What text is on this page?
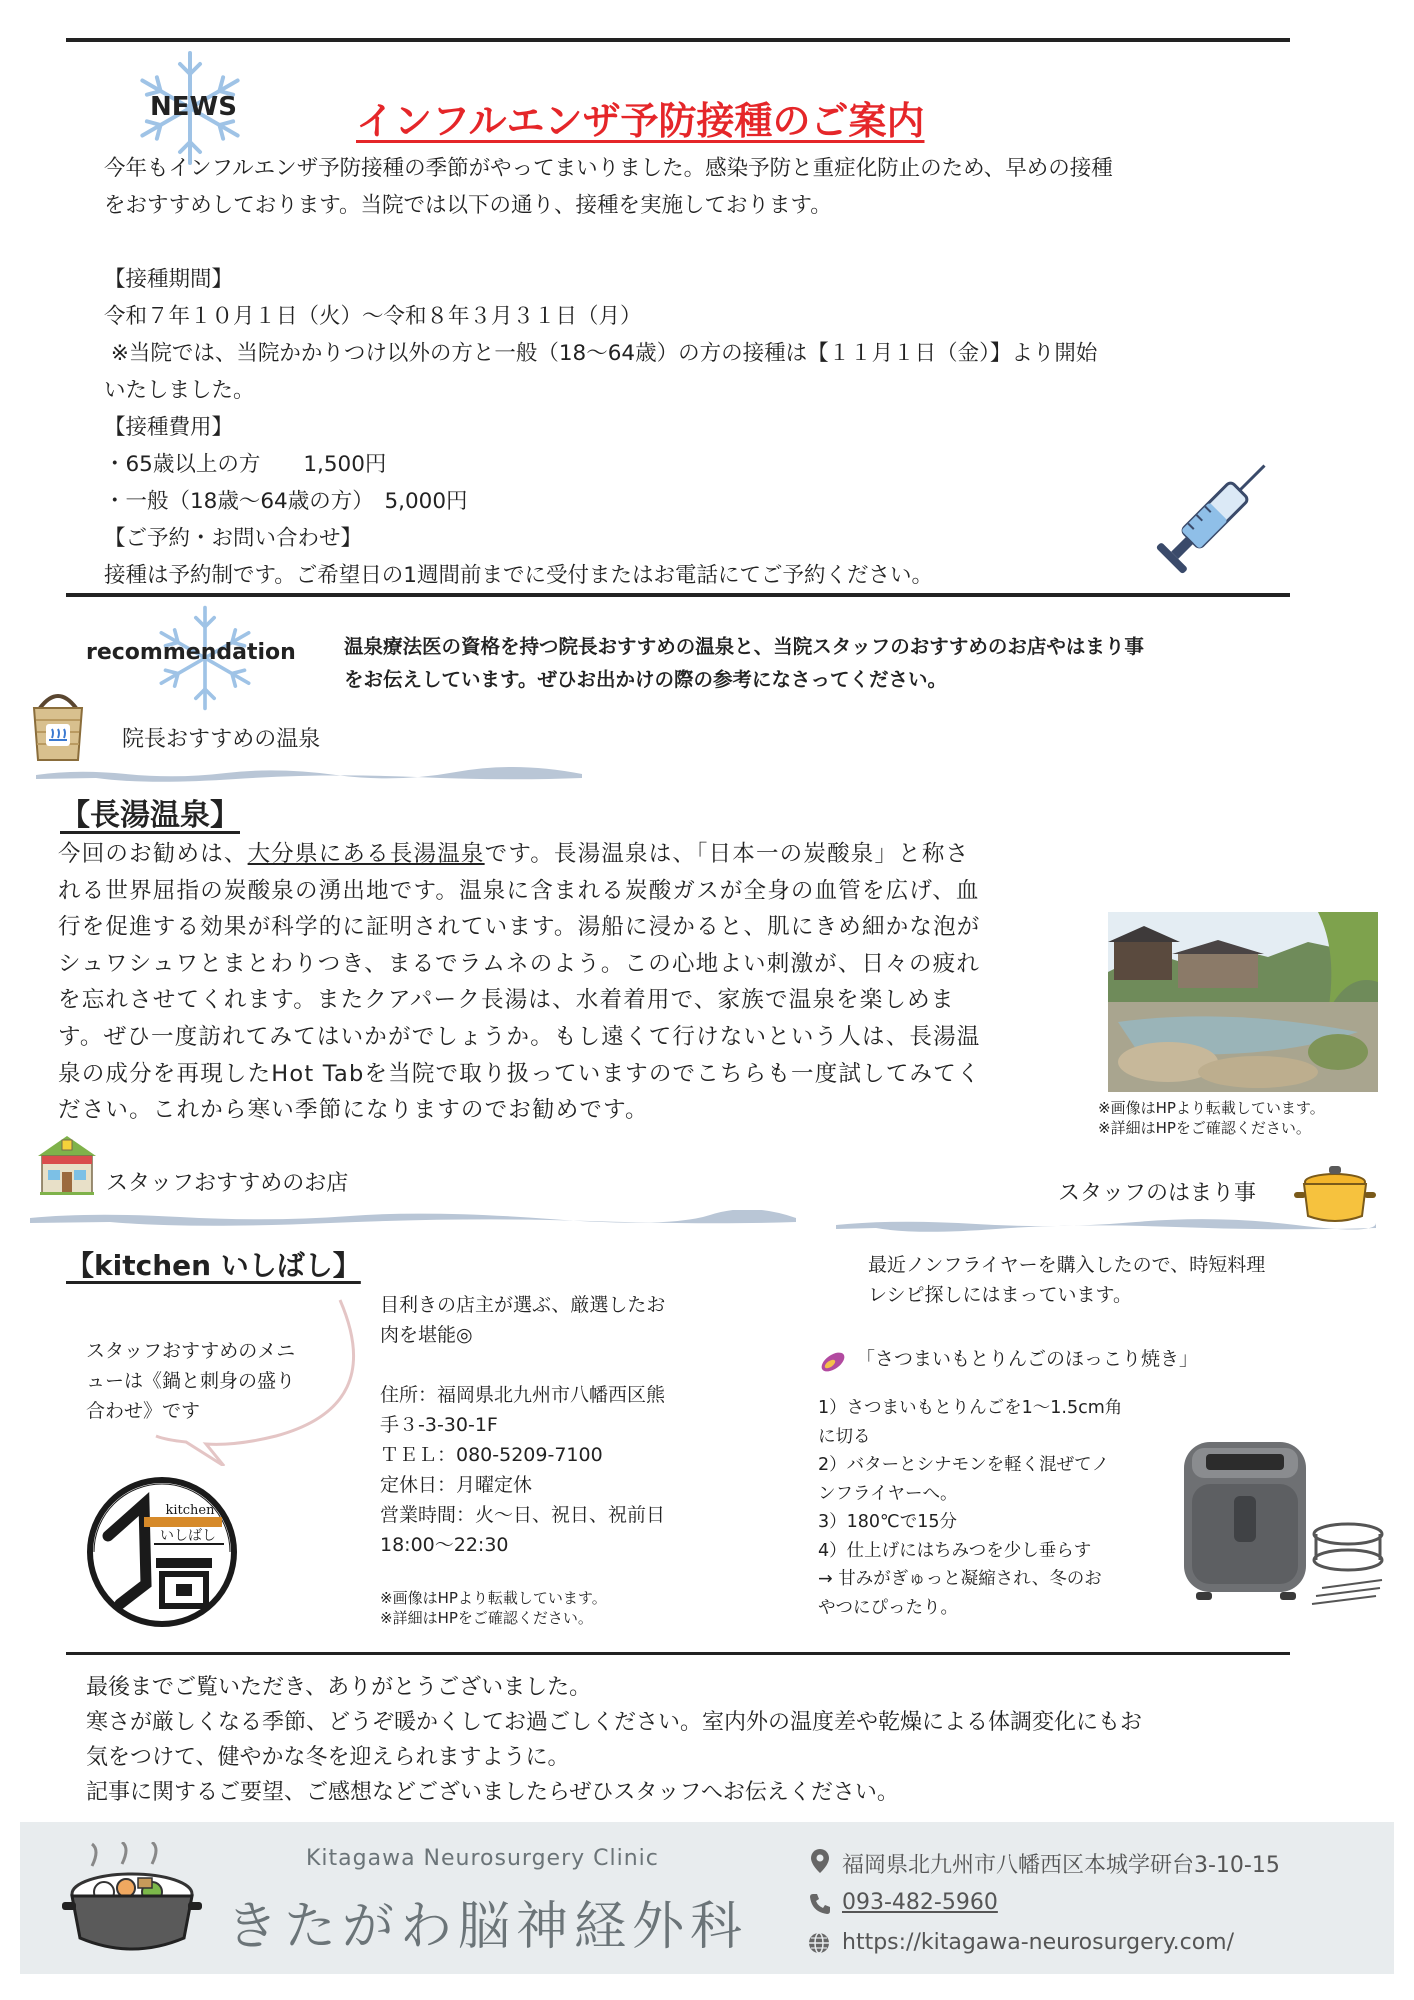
NEWS	インフルエンザ予防接種のご案内
今年もインフルエンザ予防接種の季節がやってまいりました。感染予防と重症化防止のため、早めの接種
をおすすめしております。当院では以下の通り、接種を実施しております。

【接種期間】
令和７年１０月１日（火）～令和８年３月３１日（月）
※当院では、当院かかりつけ以外の方と一般（18～64歳）の方の接種は【１１月１日（金）】より開始
いたしました。
【接種費用】
・65歳以上の方　　1,500円
・一般（18歳～64歳の方）　5,000円
【ご予約・お問い合わせ】
接種は予約制です。ご希望日の1週間前までに受付またはお電話にてご予約ください。
recommendation 温泉療法医の資格を持つ院長おすすめの温泉と、当院スタッフのおすすめのお店やはまり事
をお伝えしています。ぜひお出かけの際の参考になさってください。
院長おすすめの温泉
【長湯温泉】
今回のお勧めは、大分県にある長湯温泉です。長湯温泉は、「日本一の炭酸泉」と称さ
れる世界屈指の炭酸泉の湧出地です。温泉に含まれる炭酸ガスが全身の血管を広げ、血
行を促進する効果が科学的に証明されています。湯船に浸かると、肌にきめ細かな泡が
シュワシュワとまとわりつき、まるでラムネのよう。この心地よい刺激が、日々の疲れ
を忘れさせてくれます。またクアパーク長湯は、水着着用で、家族で温泉を楽しめま
す。ぜひ一度訪れてみてはいかがでしょうか。もし遠くて行けないという人は、長湯温
泉の成分を再現したHot Tabを当院で取り扱っていますのでこちらも一度試してみてく
ださい。これから寒い季節になりますのでお勧めです。	※画像はHPより転載しています。
※詳細はHPをご確認ください。
スタッフおすすめのお店
【kitchen いしばし】
スタッフおすすめのメニ
ューは《鍋と刺身の盛り
合わせ》です
kitchen
いしばし
目利きの店主が選ぶ、厳選したお
肉を堪能◎

住所：福岡県北九州市八幡西区熊
手３-3-30-1F
ＴＥＬ：080-5209-7100
定休日：月曜定休
営業時間：火～日、祝日、祝前日
18:00～22:30
※画像はHPより転載しています。
※詳細はHPをご確認ください。
スタッフのはまり事
最近ノンフライヤーを購入したので、時短料理
レシピ探しにはまっています。
「さつまいもとりんごのほっこり焼き」
1）さつまいもとりんごを1～1.5cm角
に切る
2）バターとシナモンを軽く混ぜてノ
ンフライヤーへ。
3）180℃で15分
4）仕上げにはちみつを少し垂らす
→ 甘みがぎゅっと凝縮され、冬のお
やつにぴったり。
最後までご覧いただき、ありがとうございました。
寒さが厳しくなる季節、どうぞ暖かくしてお過ごしください。室内外の温度差や乾燥による体調変化にもお
気をつけて、健やかな冬を迎えられますように。
記事に関するご要望、ご感想などございましたらぜひスタッフへお伝えください。
Kitagawa Neurosurgery Clinic
きたがわ脳神経外科
福岡県北九州市八幡西区本城学研台3-10-15
093-482-5960
https://kitagawa-neurosurgery.com/
